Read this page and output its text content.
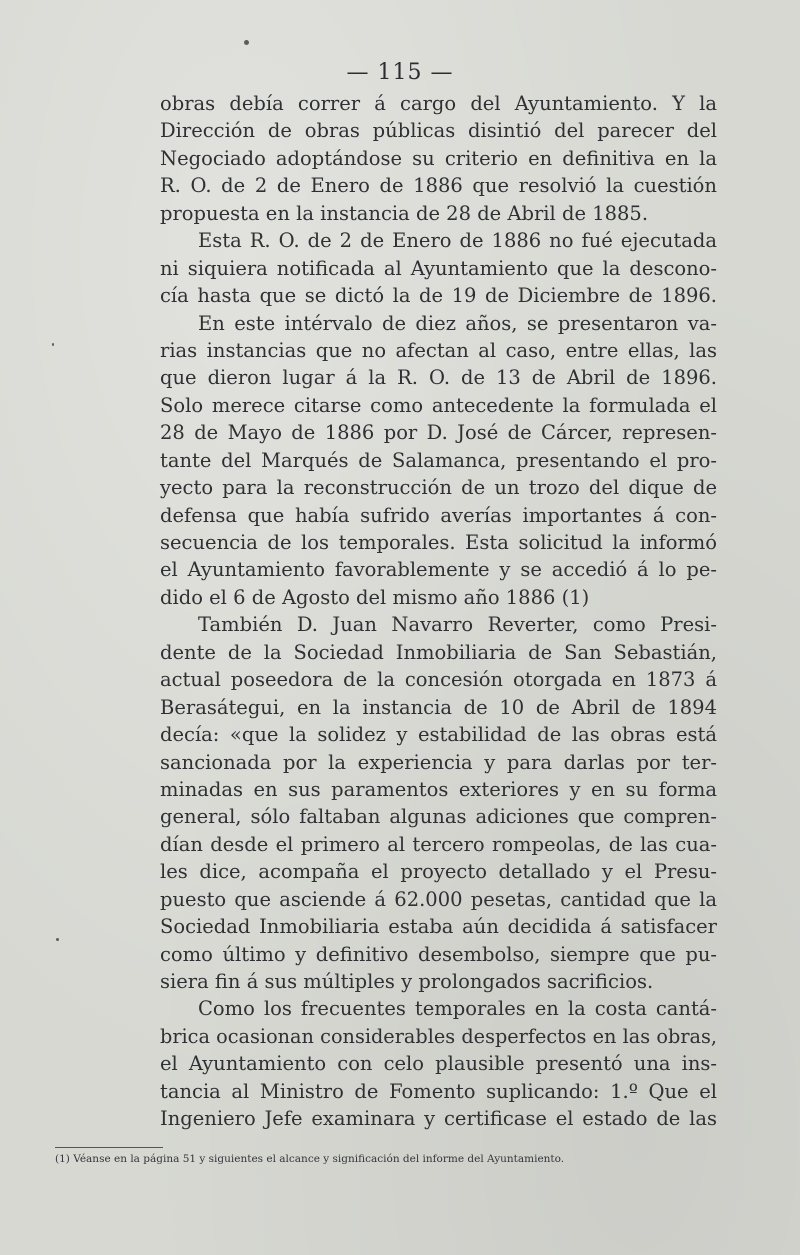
— 115 —
obras debía correr á cargo del Ayuntamiento. Y la
Dirección de obras públicas disintió del parecer del
Negociado adoptándose su criterio en definitiva en la
R. O. de 2 de Enero de 1886 que resolvió la cuestión
propuesta en la instancia de 28 de Abril de 1885.
Esta R. O. de 2 de Enero de 1886 no fué ejecutada
ni siquiera notificada al Ayuntamiento que la descono-
cía hasta que se dictó la de 19 de Diciembre de 1896.
En este intérvalo de diez años, se presentaron va-
rias instancias que no afectan al caso, entre ellas, las
que dieron lugar á la R. O. de 13 de Abril de 1896.
Solo merece citarse como antecedente la formulada el
28 de Mayo de 1886 por D. José de Cárcer, represen-
tante del Marqués de Salamanca, presentando el pro-
yecto para la reconstrucción de un trozo del dique de
defensa que había sufrido averías importantes á con-
secuencia de los temporales. Esta solicitud la informó
el Ayuntamiento favorablemente y se accedió á lo pe-
dido el 6 de Agosto del mismo año 1886 (1)
También D. Juan Navarro Reverter, como Presi-
dente de la Sociedad Inmobiliaria de San Sebastián,
actual poseedora de la concesión otorgada en 1873 á
Berasátegui, en la instancia de 10 de Abril de 1894
decía: «que la solidez y estabilidad de las obras está
sancionada por la experiencia y para darlas por ter-
minadas en sus paramentos exteriores y en su forma
general, sólo faltaban algunas adiciones que compren-
dían desde el primero al tercero rompeolas, de las cua-
les dice, acompaña el proyecto detallado y el Presu-
puesto que asciende á 62.000 pesetas, cantidad que la
Sociedad Inmobiliaria estaba aún decidida á satisfacer
como último y definitivo desembolso, siempre que pu-
siera fin á sus múltiples y prolongados sacrificios.
Como los frecuentes temporales en la costa cantá-
brica ocasionan considerables desperfectos en las obras,
el Ayuntamiento con celo plausible presentó una ins-
tancia al Ministro de Fomento suplicando: 1.º Que el
Ingeniero Jefe examinara y certificase el estado de las
(1) Véanse en la página 51 y siguientes el alcance y significación del informe del Ayuntamiento.
